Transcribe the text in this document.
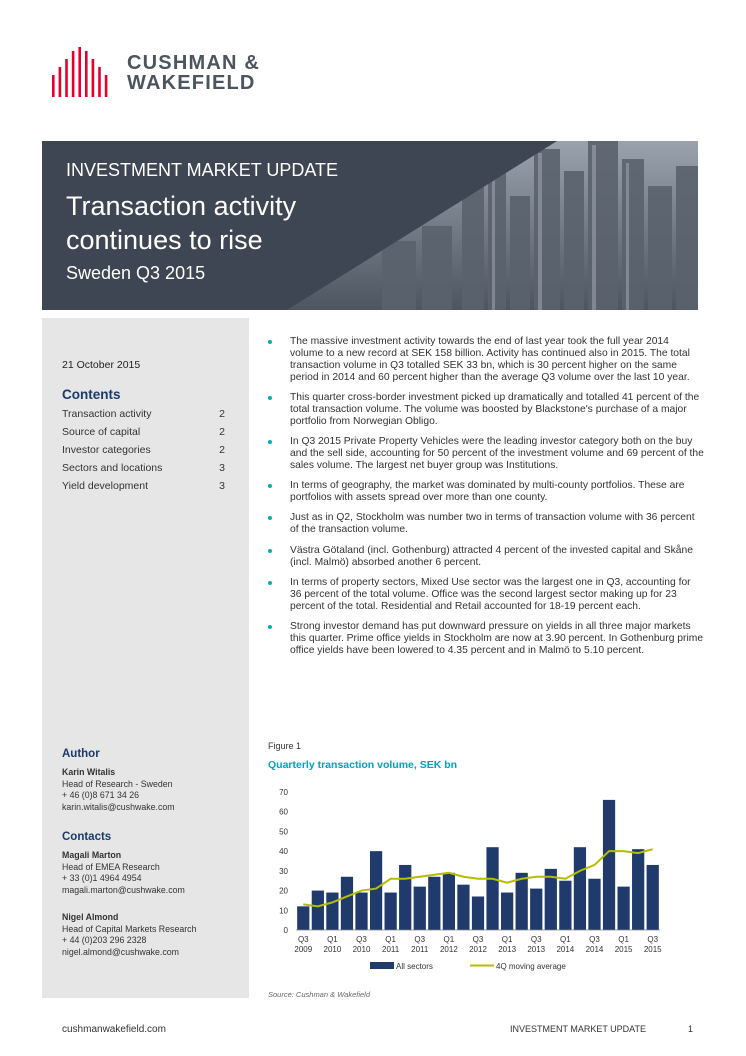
CUSHMAN &
WAKEFIELD
INVESTMENT MARKET UPDATE
Transaction activity
continues to rise
Sweden Q3 2015
21 October 2015
Contents
Transaction activity	2
Source of capital	2
Investor categories	2
Sectors and locations	3
Yield development	3
Author
Karin Witalis
Head of Research - Sweden
+ 46 (0)8 671 34 26
karin.witalis@cushwake.com
Contacts
Magali Marton
Head of EMEA Research
+ 33 (0)1 4964 4954
magali.marton@cushwake.com
Nigel Almond
Head of Capital Markets Research
+ 44 (0)203 296 2328
nigel.almond@cushwake.com
The massive investment activity towards the end of last year took the full year 2014 volume to a new record at SEK 158 billion. Activity has continued also in 2015. The total transaction volume in Q3 totalled SEK 33 bn, which is 30 percent higher on the same period in 2014 and 60 percent higher than the average Q3 volume over the last 10 year.
This quarter cross-border investment picked up dramatically and totalled 41 percent of the total transaction volume. The volume was boosted by Blackstone's purchase of a major portfolio from Norwegian Obligo.
In Q3 2015 Private Property Vehicles were the leading investor category both on the buy and the sell side, accounting for 50 percent of the investment volume and 69 percent of the sales volume. The largest net buyer group was Institutions.
In terms of geography, the market was dominated by multi-county portfolios. These are portfolios with assets spread over more than one county.
Just as in Q2, Stockholm was number two in terms of transaction volume with 36 percent of the transaction volume.
Västra Götaland (incl. Gothenburg) attracted 4 percent of the invested capital and Skåne (incl. Malmö) absorbed another 6 percent.
In terms of property sectors, Mixed Use sector was the largest one in Q3, accounting for 36 percent of the total volume. Office was the second largest sector making up for 23 percent of the total. Residential and Retail accounted for 18-19 percent each.
Strong investor demand has put downward pressure on yields in all three major markets this quarter. Prime office yields in Stockholm are now at 3.90 percent. In Gothenburg prime office yields have been lowered to 4.35 percent and in Malmö to 5.10 percent.
Figure 1
Quarterly transaction volume, SEK bn
0
10
20
30
40
50
60
70
Q3
2009
Q1
2010
Q3
2010
Q1
2011
Q3
2011
Q1
2012
Q3
2012
Q1
2013
Q3
2013
Q1
2014
Q3
2014
Q1
2015
Q3
2015
All sectors	4Q moving average
Source: Cushman & Wakefield
cushmanwakefield.com	INVESTMENT MARKET UPDATE	1
